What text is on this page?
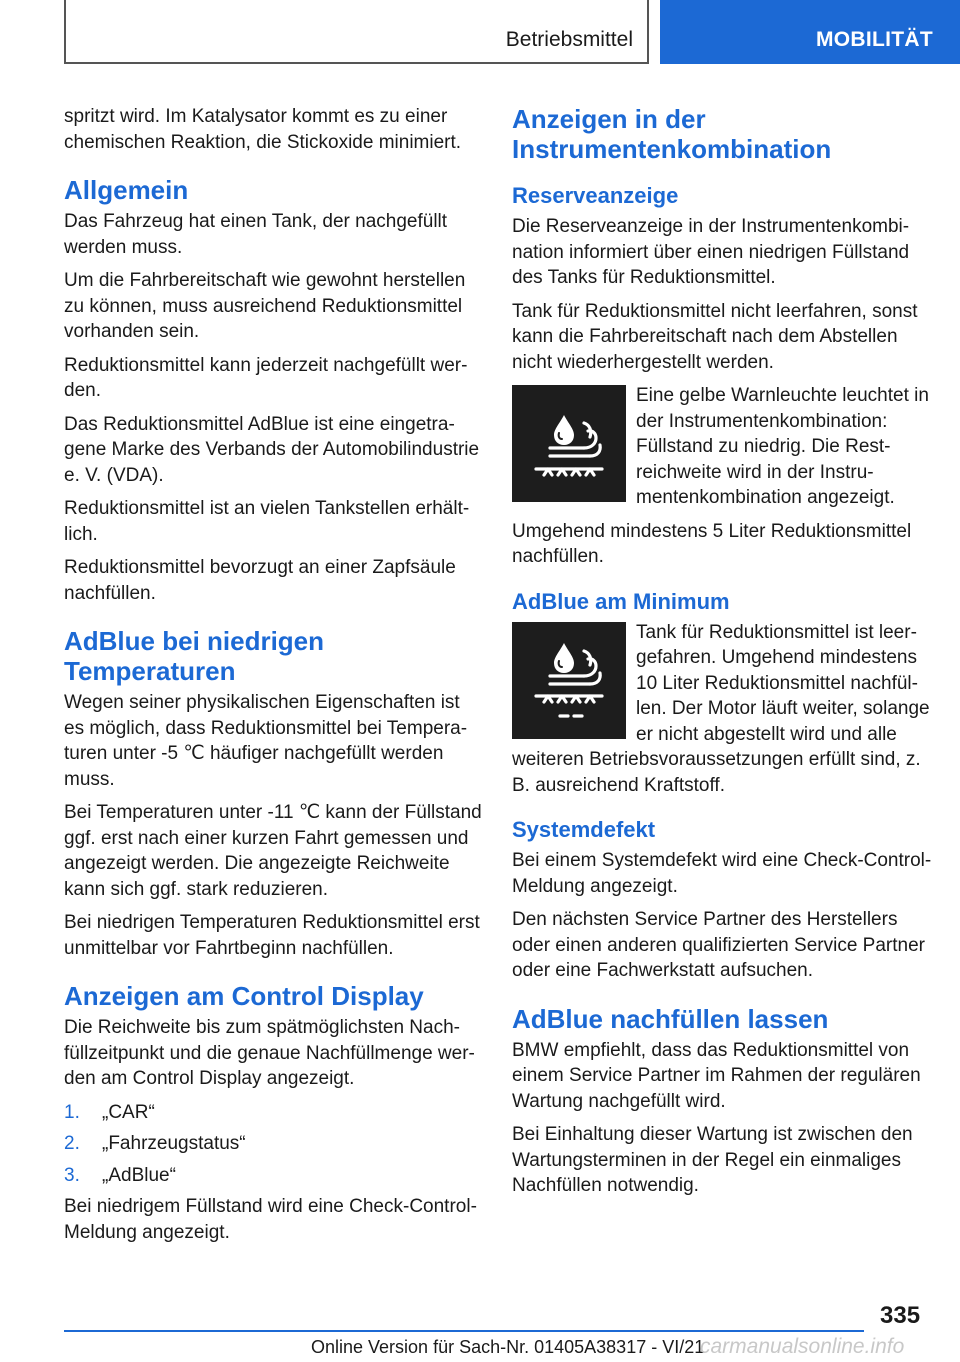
Betriebsmittel	MOBILITÄT

spritzt wird. Im Katalysator kommt es zu einer chemischen Reaktion, die Stickoxide minimiert.

Allgemein

Das Fahrzeug hat einen Tank, der nachgefüllt werden muss.

Um die Fahrbereitschaft wie gewohnt herstellen zu können, muss ausreichend Reduktionsmittel vorhanden sein.

Reduktionsmittel kann jederzeit nachgefüllt werden.

Das Reduktionsmittel AdBlue ist eine eingetragene Marke des Verbands der Automobilindustrie e. V. (VDA).

Reduktionsmittel ist an vielen Tankstellen erhältlich.

Reduktionsmittel bevorzugt an einer Zapfsäule nachfüllen.

AdBlue bei niedrigen Temperaturen

Wegen seiner physikalischen Eigenschaften ist es möglich, dass Reduktionsmittel bei Temperaturen unter -5 ℃ häufiger nachgefüllt werden muss.

Bei Temperaturen unter -11 ℃ kann der Füllstand ggf. erst nach einer kurzen Fahrt gemessen und angezeigt werden. Die angezeigte Reichweite kann sich ggf. stark reduzieren.

Bei niedrigen Temperaturen Reduktionsmittel erst unmittelbar vor Fahrtbeginn nachfüllen.

Anzeigen am Control Display

Die Reichweite bis zum spätmöglichsten Nachfüllzeitpunkt und die genaue Nachfüllmenge werden am Control Display angezeigt.

1.	„CAR“
2.	„Fahrzeugstatus“
3.	„AdBlue“

Bei niedrigem Füllstand wird eine Check-Control-Meldung angezeigt.

Anzeigen in der Instrumentenkombination
Reserveanzeige

Die Reserveanzeige in der Instrumentenkombination informiert über einen niedrigen Füllstand des Tanks für Reduktionsmittel.

Tank für Reduktionsmittel nicht leerfahren, sonst kann die Fahrbereitschaft nach dem Abstellen nicht wiederhergestellt werden.

Eine gelbe Warnleuchte leuchtet in der Instrumentenkombination: Füllstand zu niedrig. Die Restreichweite wird in der Instrumentenkombination angezeigt.

Umgehend mindestens 5 Liter Reduktionsmittel nachfüllen.

AdBlue am Minimum

Tank für Reduktionsmittel ist leergefahren. Umgehend mindestens 10 Liter Reduktionsmittel nachfüllen. Der Motor läuft weiter, solange er nicht abgestellt wird und alle weiteren Betriebsvoraussetzungen erfüllt sind, z. B. ausreichend Kraftstoff.

Systemdefekt

Bei einem Systemdefekt wird eine Check-Control-Meldung angezeigt.

Den nächsten Service Partner des Herstellers oder einen anderen qualifizierten Service Partner oder eine Fachwerkstatt aufsuchen.

AdBlue nachfüllen lassen

BMW empfiehlt, dass das Reduktionsmittel von einem Service Partner im Rahmen der regulären Wartung nachgefüllt wird.

Bei Einhaltung dieser Wartung ist zwischen den Wartungsterminen in der Regel ein einmaliges Nachfüllen notwendig.

335
Online Version für Sach-Nr. 01405A38317 - VI/21
carmanualsonline.info
